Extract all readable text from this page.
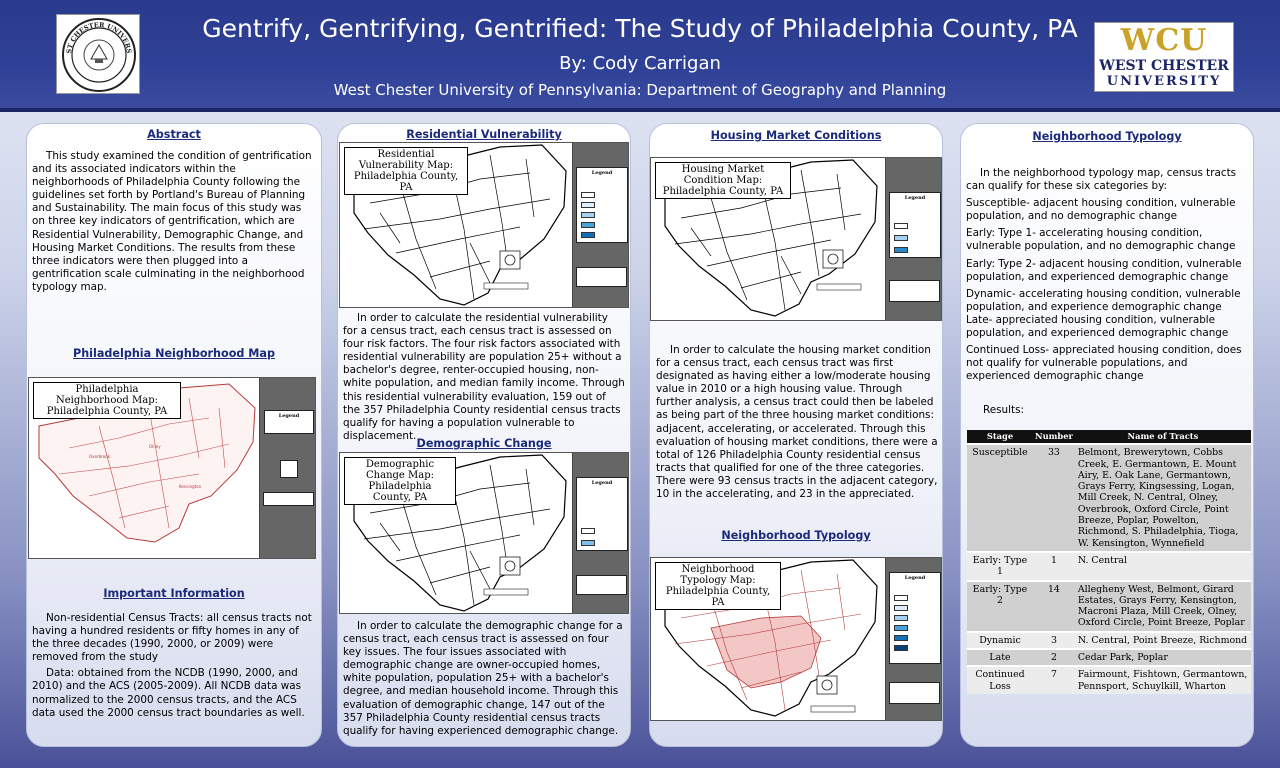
ST CHESTER UNIVERS
Gentrify, Gentrifying, Gentrified: The Study of Philadelphia County, PA
By: Cody Carrigan
West Chester University of Pennsylvania: Department of Geography and Planning
WCU
WEST CHESTER
UNIVERSITY
Abstract

This study examined the condition of gentrification and its associated indicators within the neighborhoods of Philadelphia County following the guidelines set forth by Portland's Bureau of Planning and Sustainability. The main focus of this study was on three key indicators of gentrification, which are Residential Vulnerability, Demographic Change, and Housing Market Conditions. The results from these three indicators were then plugged into a gentrification scale culminating in the neighborhood typology map.

Philadelphia Neighborhood Map
Overbrook
Olney
Kensington
Philadelphia Neighborhood Map: Philadelphia County, PA	Legend
Important Information

Non-residential Census Tracts: all census tracts not having a hundred residents or fifty homes in any of the three decades (1990, 2000, or 2009) were removed from the study

Data: obtained from the NCDB (1990, 2000, and 2010) and the ACS (2005-2009). All NCDB data was normalized to the 2000 census tracts, and the ACS data used the 2000 census tract boundaries as well.

Residential Vulnerability
Residential Vulnerability Map: Philadelphia County, PA
Legend

In order to calculate the residential vulnerability for a census tract, each census tract is assessed on four risk factors. The four risk factors associated with residential vulnerability are population 25+ without a bachelor's degree, renter-occupied housing, non-white population, and median family income. Through this residential vulnerability evaluation, 159 out of the 357 Philadelphia County residential census tracts qualify for having a population vulnerable to displacement.

Demographic Change
Demographic Change Map: Philadelphia County, PA
Legend

In order to calculate the demographic change for a census tract, each census tract is assessed on four key issues. The four issues associated with demographic change are owner-occupied homes, white population, population 25+ with a bachelor's degree, and median household income. Through this evaluation of demographic change, 147 out of the 357 Philadelphia County residential census tracts qualify for having experienced demographic change.

Housing Market Conditions
Housing Market Condition Map: Philadelphia County, PA
Legend

In order to calculate the housing market condition for a census tract, each census tract was first designated as having either a low/moderate housing value in 2010 or a high housing value. Through further analysis, a census tract could then be labeled as being part of the three housing market conditions: adjacent, accelerating, or accelerated. Through this evaluation of housing market conditions, there were a total of 126 Philadelphia County residential census tracts that qualified for one of the three categories. There were 93 census tracts in the adjacent category, 10 in the accelerating, and 23 in the appreciated.

Neighborhood Typology
Neighborhood Typology Map: Philadelphia County, PA
Legend
Neighborhood Typology

In the neighborhood typology map, census tracts can qualify for these six categories by:

Susceptible- adjacent housing condition, vulnerable population, and no demographic change
Early: Type 1- accelerating housing condition, vulnerable population, and no demographic change
Early: Type 2- adjacent housing condition, vulnerable population, and experienced demographic change
Dynamic- accelerating housing condition, vulnerable population, and experience demographic change Late- appreciated housing condition, vulnerable population, and experienced demographic change
Continued Loss- appreciated housing condition, does not qualify for vulnerable populations, and experienced demographic change
Results:
Stage	Number	Name of Tracts
Susceptible	33	Belmont, Brewerytown, Cobbs Creek, E. Germantown, E. Mount Airy, E. Oak Lane, Germantown, Grays Ferry, Kingsessing, Logan, Mill Creek, N. Central, Olney, Overbrook, Oxford Circle, Point Breeze, Poplar, Powelton, Richmond, S. Philadelphia, Tioga, W. Kensington, Wynnefield
Early: Type 1	1	N. Central
Early: Type 2	14	Allegheny West, Belmont, Girard Estates, Grays Ferry, Kensington, Macroni Plaza, Mill Creek, Olney, Oxford Circle, Point Breeze, Poplar
Dynamic	3	N. Central, Point Breeze, Richmond
Late	2	Cedar Park, Poplar
Continued Loss	7	Fairmount, Fishtown, Germantown, Pennsport, Schuylkill, Wharton
